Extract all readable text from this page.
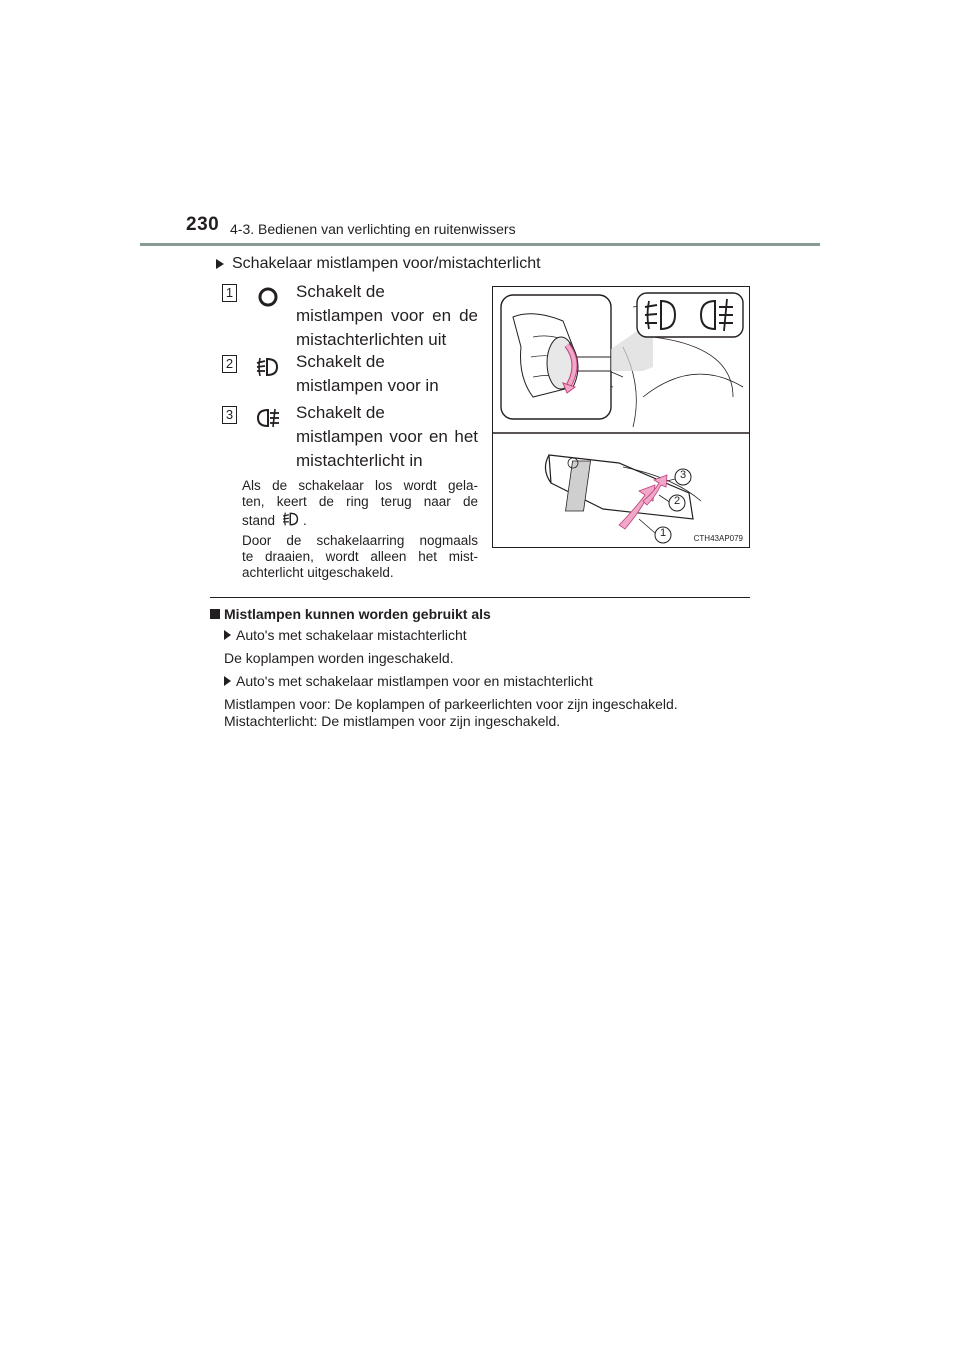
230 4-3. Bedienen van verlichting en ruitenwissers
Schakelaar mistlampen voor/mistachterlicht
1	Schakelt de
mistlampen voor en de
mistachterlichten uit
2	Schakelt de
mistlampen voor in
3	Schakelt de
mistlampen voor en het
mistachterlicht in
Als de schakelaar los wordt gela-
ten, keert de ring terug naar de
stand .
Door de schakelaarring nogmaals
te draaien, wordt alleen het mist-
achterlicht uitgeschakeld.
1
2
3
CTH43AP079
Mistlampen kunnen worden gebruikt als
Auto's met schakelaar mistachterlicht
De koplampen worden ingeschakeld.
Auto's met schakelaar mistlampen voor en mistachterlicht
Mistlampen voor: De koplampen of parkeerlichten voor zijn ingeschakeld.
Mistachterlicht: De mistlampen voor zijn ingeschakeld.
